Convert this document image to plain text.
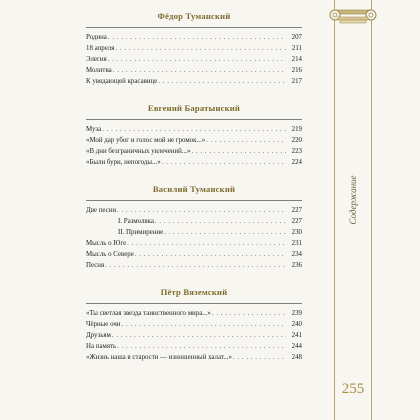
Фёдор Туманский
Родина . . .	207
18 апреля . . .	211
Элегия . . .	214
Молитва . . .	216
К увядающей красавице . . .	217
Евгений Баратынский
Муза . . .	219
«Мой дар убог и голос мой не громок...» . . .	220
«В дни безграничных увлечений...» . . .	223
«Были бури, непогоды...» . . .	224
Василий Туманский
Две песни . . .	227
I. Размолвка . . .	227
II. Примирение . . .	230
Мысль о Юге . . .	231
Мысль о Севере . . .	234
Песня . . .	236
Пётр Вяземский
«Ты светлая звезда таинственного мира...» . . .	239
Чёрные очи . . .	240
Друзьям . . .	241
На память . . .	244
«Жизнь наша в старости — изношенный халат...» . . .	248
Содержание
255
